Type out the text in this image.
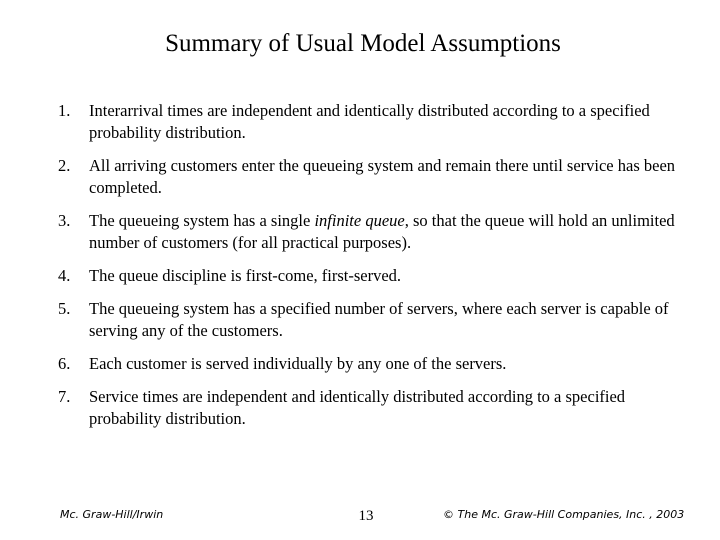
Summary of Usual Model Assumptions
1. Interarrival times are independent and identically distributed according to a specified probability distribution.
2. All arriving customers enter the queueing system and remain there until service has been completed.
3. The queueing system has a single infinite queue, so that the queue will hold an unlimited number of customers (for all practical purposes).
4. The queue discipline is first-come, first-served.
5. The queueing system has a specified number of servers, where each server is capable of serving any of the customers.
6. Each customer is served individually by any one of the servers.
7. Service times are independent and identically distributed according to a specified probability distribution.
Mc. Graw-Hill/Irwin	13	© The Mc. Graw-Hill Companies, Inc. , 2003
